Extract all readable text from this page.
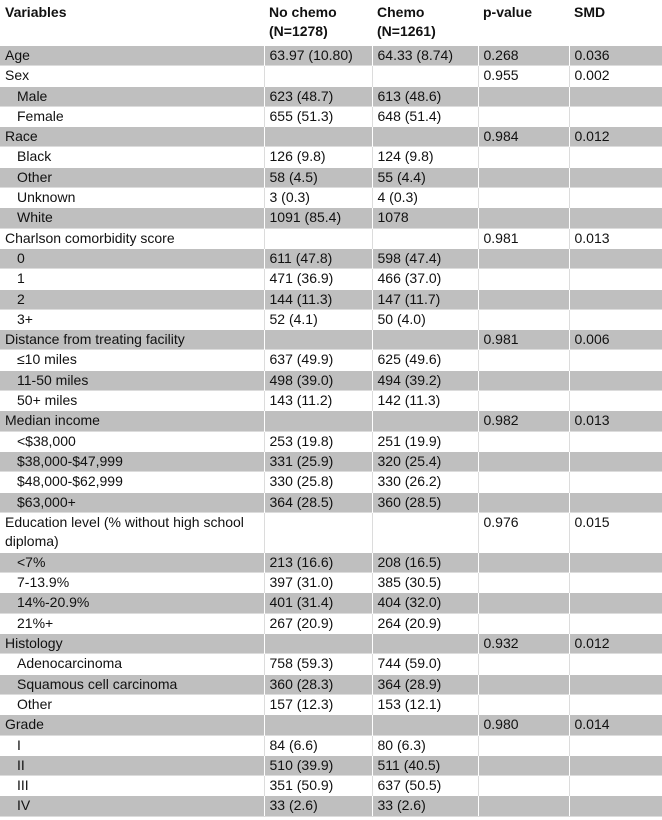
Variables	No chemo (N=1278)	Chemo (N=1261)	p-value	SMD
Age	63.97 (10.80)	64.33 (8.74)	0.268	0.036
Sex			0.955	0.002
Male	623 (48.7)	613 (48.6)		
Female	655 (51.3)	648 (51.4)		
Race			0.984	0.012
Black	126 (9.8)	124 (9.8)		
Other	58 (4.5)	55 (4.4)		
Unknown	3 (0.3)	4 (0.3)		
White	1091 (85.4)	1078		
Charlson comorbidity score			0.981	0.013
0	611 (47.8)	598 (47.4)		
1	471 (36.9)	466 (37.0)		
2	144 (11.3)	147 (11.7)		
3+	52 (4.1)	50 (4.0)		
Distance from treating facility			0.981	0.006
≤10 miles	637 (49.9)	625 (49.6)		
11-50 miles	498 (39.0)	494 (39.2)		
50+ miles	143 (11.2)	142 (11.3)		
Median income			0.982	0.013
<$38,000	253 (19.8)	251 (19.9)		
$38,000-$47,999	331 (25.9)	320 (25.4)		
$48,000-$62,999	330 (25.8)	330 (26.2)		
$63,000+	364 (28.5)	360 (28.5)		
Education level (% without high school diploma)			0.976	0.015
<7%	213 (16.6)	208 (16.5)		
7-13.9%	397 (31.0)	385 (30.5)		
14%-20.9%	401 (31.4)	404 (32.0)		
21%+	267 (20.9)	264 (20.9)		
Histology			0.932	0.012
Adenocarcinoma	758 (59.3)	744 (59.0)		
Squamous cell carcinoma	360 (28.3)	364 (28.9)		
Other	157 (12.3)	153 (12.1)		
Grade			0.980	0.014
I	84 (6.6)	80 (6.3)		
II	510 (39.9)	511 (40.5)		
III	351 (50.9)	637 (50.5)		
IV	33 (2.6)	33 (2.6)		
